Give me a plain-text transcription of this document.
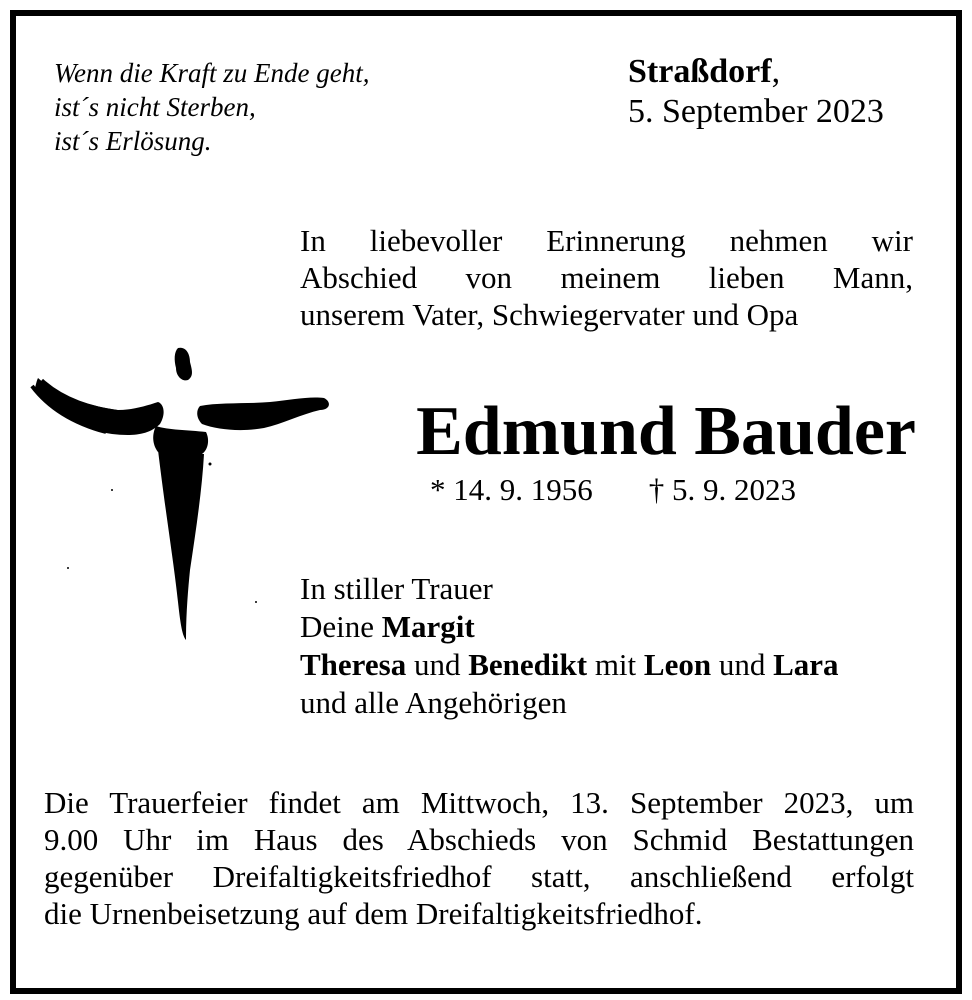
Wenn die Kraft zu Ende geht,
ist´s nicht Sterben,
ist´s Erlösung.
Straßdorf,
5. September 2023
In liebevoller Erinnerung nehmen wir
Abschied von meinem lieben Mann,
unserem Vater, Schwiegervater und Opa
Edmund Bauder
* 14. 9. 1956 † 5. 9. 2023
In stiller Trauer
Deine Margit
Theresa und Benedikt mit Leon und Lara
und alle Angehörigen
Die Trauerfeier findet am Mittwoch, 13. September 2023, um
9.00 Uhr im Haus des Abschieds von Schmid Bestattungen
gegenüber Dreifaltigkeitsfriedhof statt, anschließend erfolgt
die Urnenbeisetzung auf dem Dreifaltigkeitsfriedhof.
